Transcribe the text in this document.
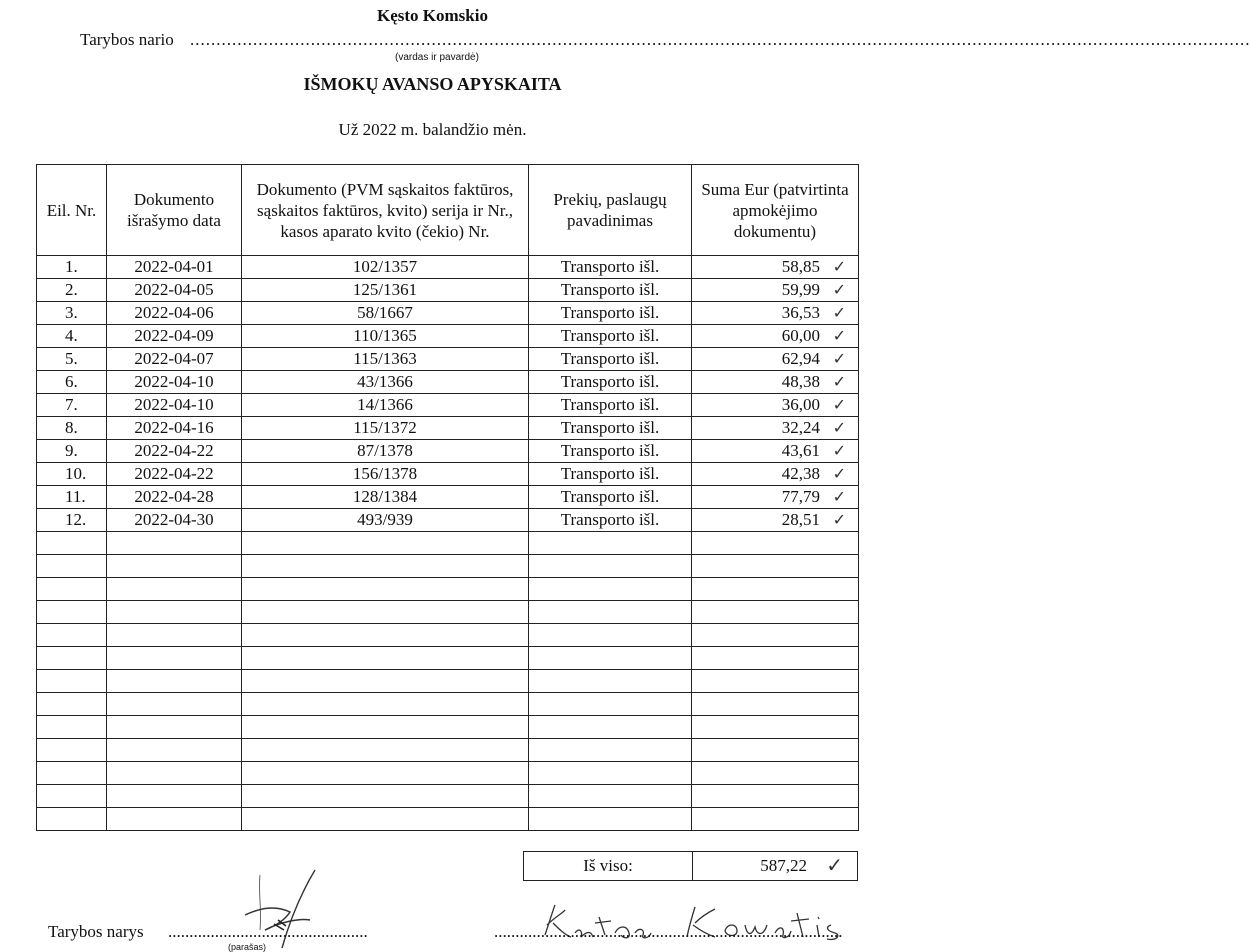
Kęsto Komskio
Tarybos nario ..........................................................................................................................................................................................................
(vardas ir pavardė)
IŠMOKŲ AVANSO APYSKAITA
Už 2022 m. balandžio mėn.
Eil. Nr.	Dokumento išrašymo data	Dokumento (PVM sąskaitos faktūros, sąskaitos faktūros, kvito) serija ir Nr., kasos aparato kvito (čekio) Nr.	Prekių, paslaugų pavadinimas	Suma Eur (patvirtinta apmokėjimo dokumentu)
1.	2022-04-01	102/1357	Transporto išl.	58,85 ✓

2.	2022-04-05	125/1361	Transporto išl.	59,99 ✓

3.	2022-04-06	58/1667	Transporto išl.	36,53 ✓

4.	2022-04-09	110/1365	Transporto išl.	60,00 ✓

5.	2022-04-07	115/1363	Transporto išl.	62,94 ✓

6.	2022-04-10	43/1366	Transporto išl.	48,38 ✓

7.	2022-04-10	14/1366	Transporto išl.	36,00 ✓

8.	2022-04-16	115/1372	Transporto išl.	32,24 ✓

9.	2022-04-22	87/1378	Transporto išl.	43,61 ✓

10.	2022-04-22	156/1378	Transporto išl.	42,38 ✓

11.	2022-04-28	128/1384	Transporto išl.	77,79 ✓

12.	2022-04-30	493/939	Transporto išl.	28,51 ✓

Iš viso:	587,22 ✓
Tarybos narys ...............................................	..................................................................................
(parašas)
